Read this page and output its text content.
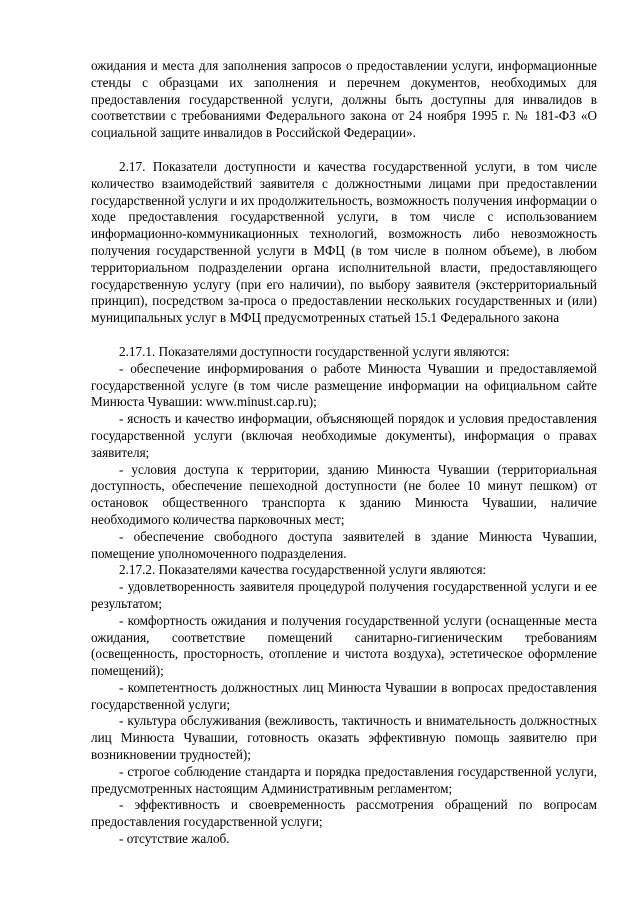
ожидания и места для заполнения запросов о предоставлении услуги, информационные стенды с образцами их заполнения и перечнем документов, необходимых для предоставления государственной услуги, должны быть доступны для инвалидов в соответствии с требованиями Федерального закона от 24 ноября 1995 г. № 181-ФЗ «О социальной защите инвалидов в Российской Федерации».

2.17. Показатели доступности и качества государственной услуги, в том числе количество взаимодействий заявителя с должностными лицами при предоставлении государственной услуги и их продолжительность, возможность получения информации о ходе предоставления государственной услуги, в том числе с использованием информационно-коммуникационных технологий, возможность либо невозможность получения государственной услуги в МФЦ (в том числе в полном объеме), в любом территориальном подразделении органа исполнительной власти, предоставляющего государственную услугу (при его наличии), по выбору заявителя (экстерриториальный принцип), посредством за-проса о предоставлении нескольких государственных и (или) муниципальных услуг в МФЦ предусмотренных статьей 15.1 Федерального закона

2.17.1. Показателями доступности государственной услуги являются:

- обеспечение информирования о работе Минюста Чувашии и предоставляемой государственной услуге (в том числе размещение информации на официальном сайте Минюста Чувашии: www.minust.cap.ru);

- ясность и качество информации, объясняющей порядок и условия предоставления государственной услуги (включая необходимые документы), информация о правах заявителя;

- условия доступа к территории, зданию Минюста Чувашии (территориальная доступность, обеспечение пешеходной доступности (не более 10 минут пешком) от остановок общественного транспорта к зданию Минюста Чувашии, наличие необходимого количества парковочных мест;

- обеспечение свободного доступа заявителей в здание Минюста Чувашии, помещение уполномоченного подразделения.

2.17.2. Показателями качества государственной услуги являются:

- удовлетворенность заявителя процедурой получения государственной услуги и ее результатом;

- комфортность ожидания и получения государственной услуги (оснащенные места ожидания, соответствие помещений санитарно-гигиеническим требованиям (освещенность, просторность, отопление и чистота воздуха), эстетическое оформление помещений);

- компетентность должностных лиц Минюста Чувашии в вопросах предоставления государственной услуги;

- культура обслуживания (вежливость, тактичность и внимательность должностных лиц Минюста Чувашии, готовность оказать эффективную помощь заявителю при возникновении трудностей);

- строгое соблюдение стандарта и порядка предоставления государственной услуги, предусмотренных настоящим Административным регламентом;

- эффективность и своевременность рассмотрения обращений по вопросам предоставления государственной услуги;

- отсутствие жалоб.
